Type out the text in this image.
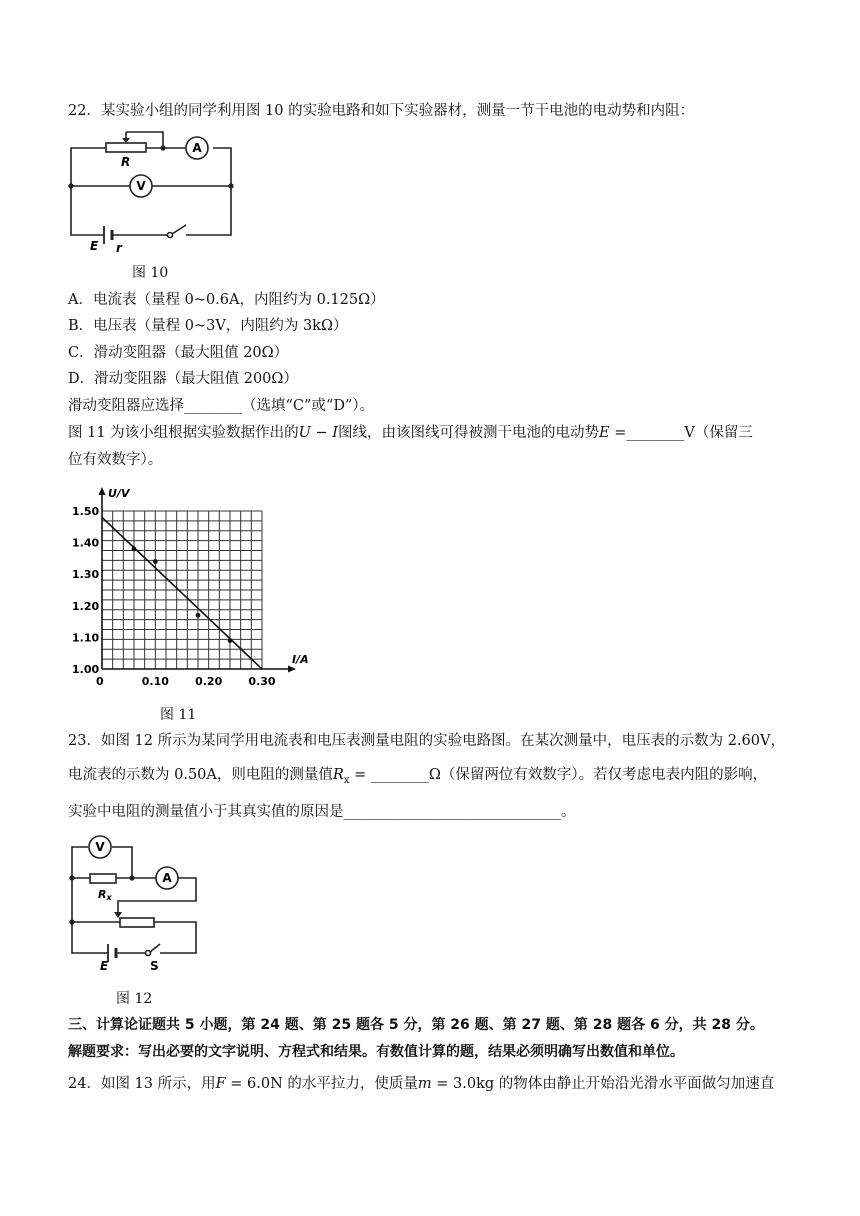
22．某实验小组的同学利用图 10 的实验电路和如下实验器材，测量一节干电池的电动势和内阻：
R
A
V
E r
图 10
A．电流表（量程 0~0.6A，内阻约为 0.125Ω）
B．电压表（量程 0~3V，内阻约为 3kΩ）
C．滑动变阻器（最大阻值 20Ω）
D．滑动变阻器（最大阻值 200Ω）
滑动变阻器应选择________（选填“C”或“D”）。
图 11 为该小组根据实验数据作出的U − I图线，由该图线可得被测干电池的电动势E =________V（保留三
位有效数字）。
0	0.10 0.20 0.30
1.00
1.10
1.20
1.30
1.40
1.50
I/A
U/V
图 11
23．如图 12 所示为某同学用电流表和电压表测量电阻的实验电路图。在某次测量中，电压表的示数为 2.60V，
电流表的示数为 0.50A，则电阻的测量值$R_x$ = ________Ω（保留两位有效数字）。若仅考虑电表内阻的影响，
实验中电阻的测量值小于其真实值的原因是______________________________。
V
A
Rx
E	S
图 12
三、计算论证题共 5 小题，第 24 题、第 25 题各 5 分，第 26 题、第 27 题、第 28 题各 6 分，共 28 分。
解题要求：写出必要的文字说明、方程式和结果。有数值计算的题，结果必须明确写出数值和单位。
24．如图 13 所示，用F = 6.0N 的水平拉力，使质量m = 3.0kg 的物体由静止开始沿光滑水平面做匀加速直
